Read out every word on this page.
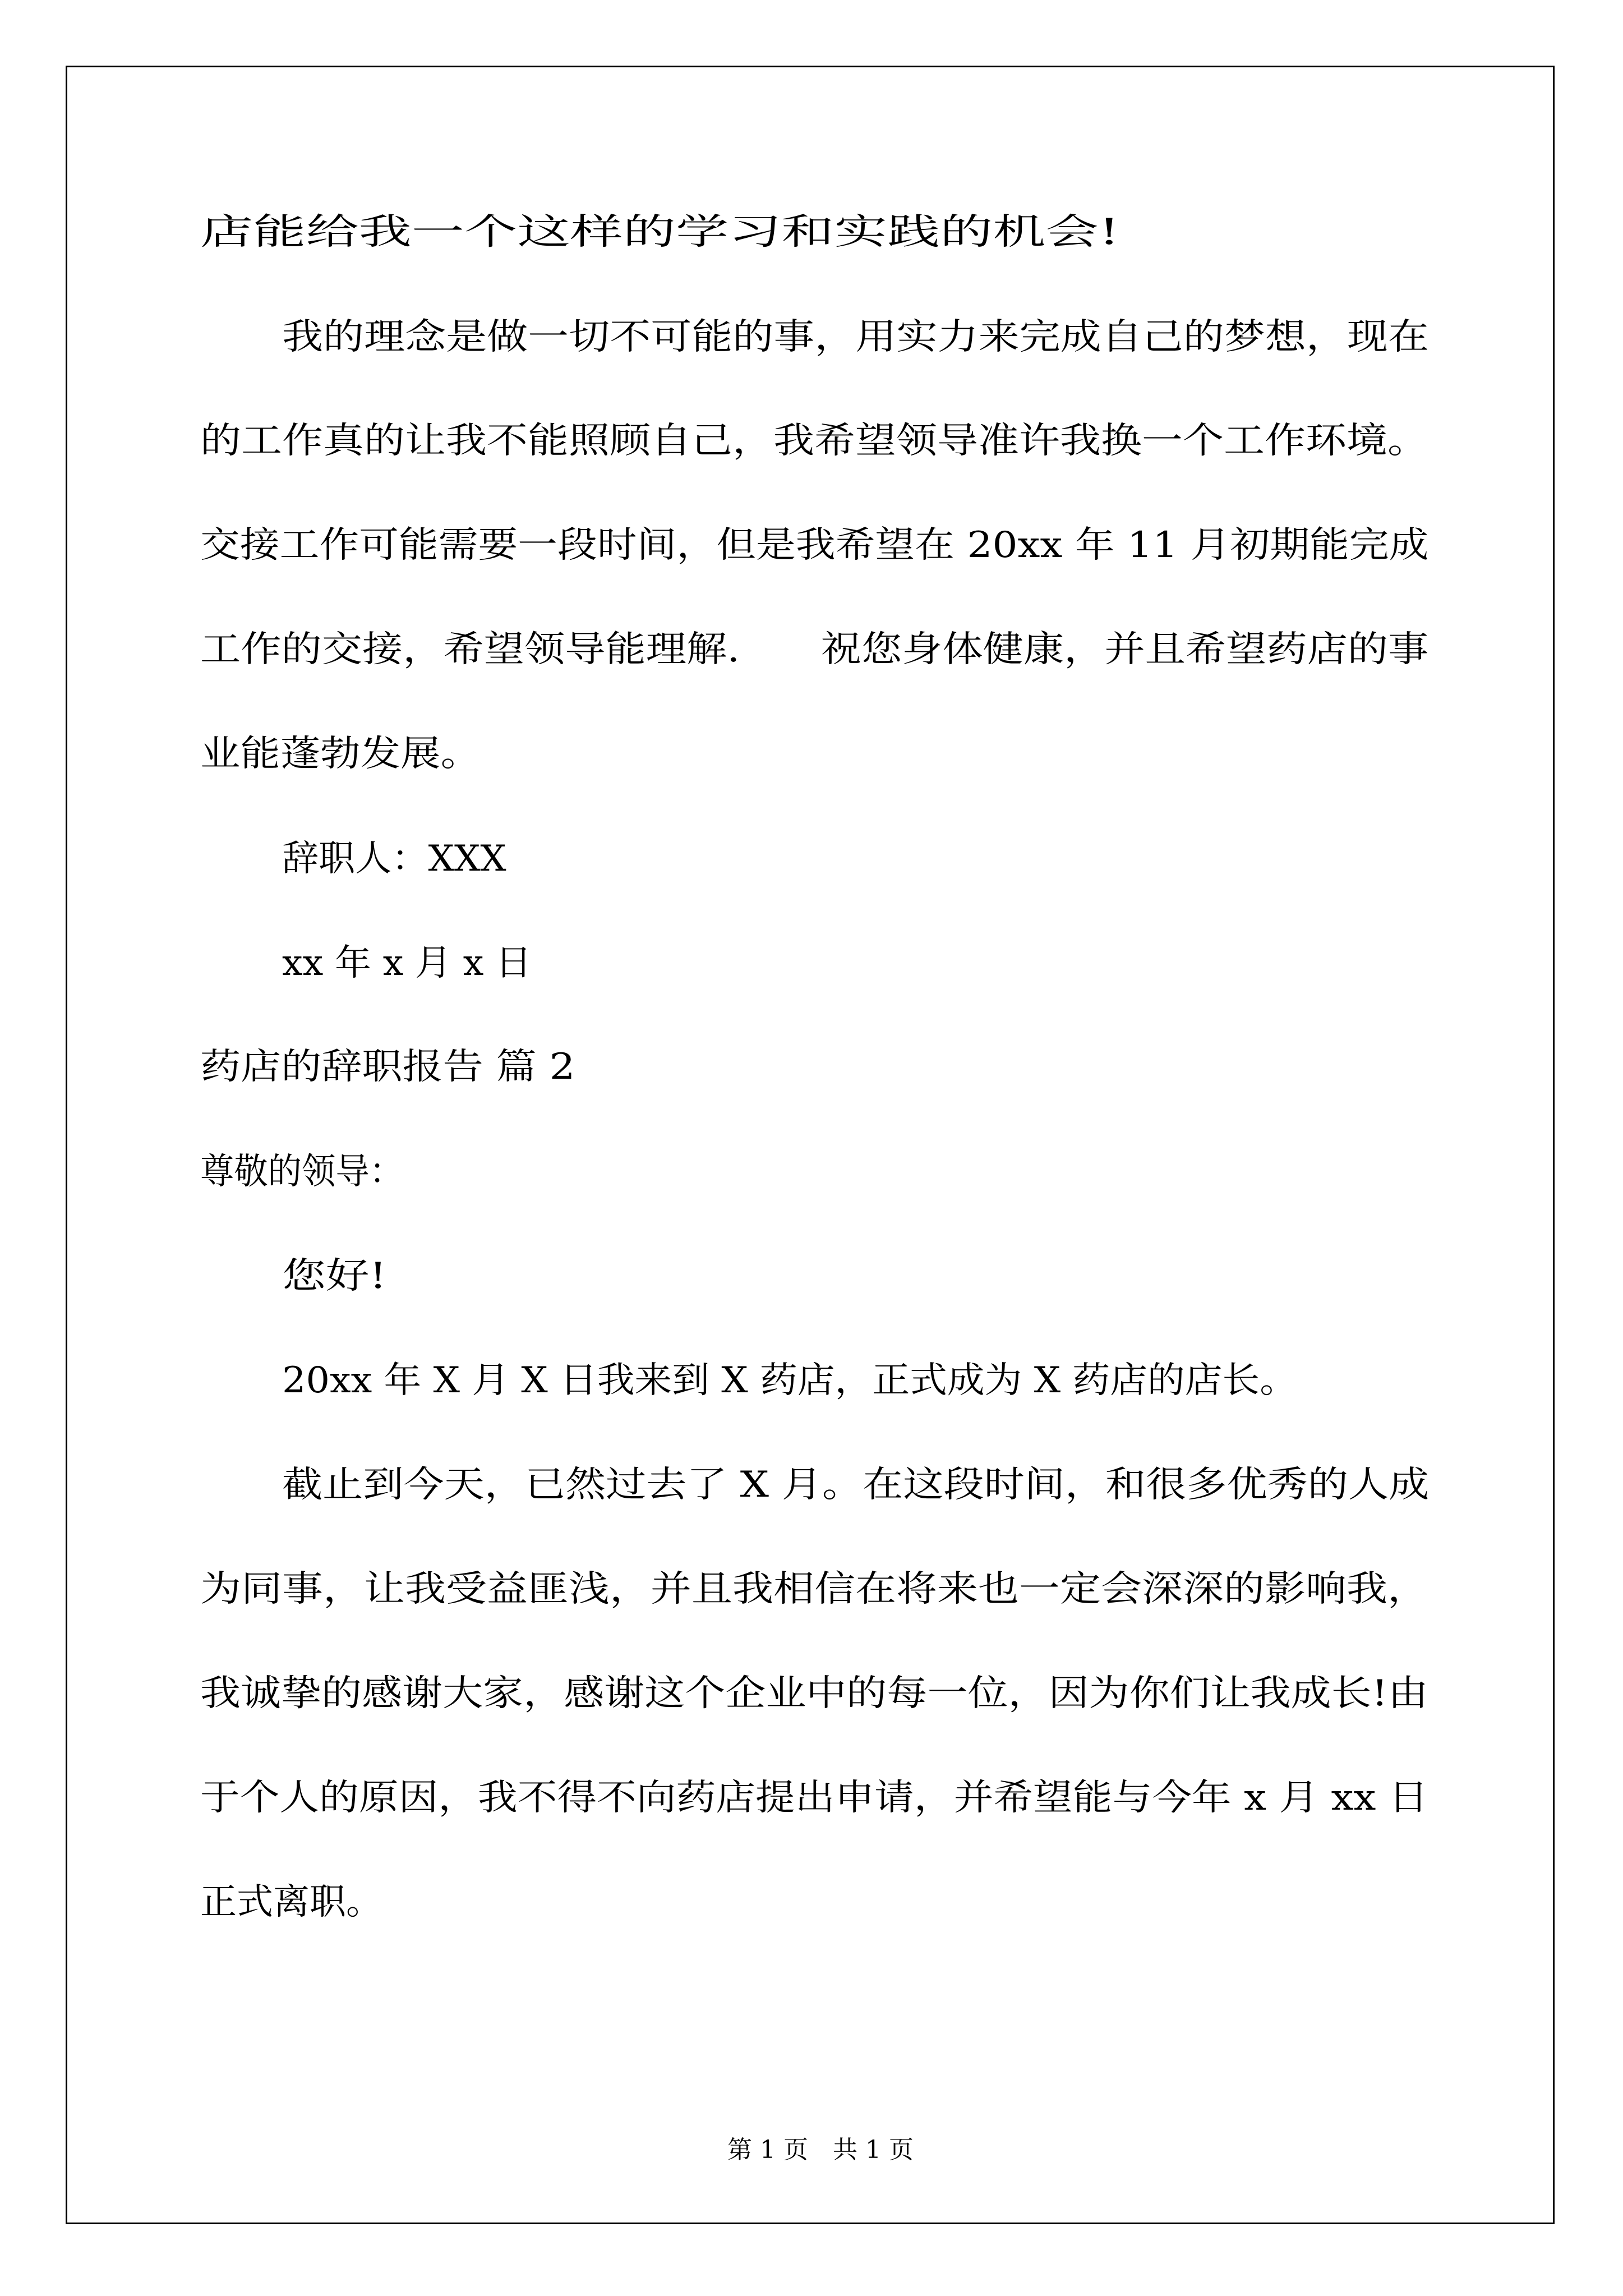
店能给我一个这样的学习和实践的机会!

我的理念是做一切不可能的事，用实力来完成自己的梦想，现在

的工作真的让我不能照顾自己，我希望领导准许我换一个工作环境。

交接工作可能需要一段时间，但是我希望在 20xx 年 11 月初期能完成

工作的交接，希望领导能理解.　　祝您身体健康，并且希望药店的事

业能蓬勃发展。

辞职人：XXX

xx 年 x 月 x 日

药店的辞职报告 篇 2

尊敬的领导：

您好!

20xx 年 X 月 X 日我来到 X 药店，正式成为 X 药店的店长。

截止到今天，已然过去了 X 月。在这段时间，和很多优秀的人成

为同事，让我受益匪浅，并且我相信在将来也一定会深深的影响我，

我诚挚的感谢大家，感谢这个企业中的每一位，因为你们让我成长!由

于个人的原因，我不得不向药店提出申请，并希望能与今年 x 月 xx 日

正式离职。

第 1 页　共 1 页
